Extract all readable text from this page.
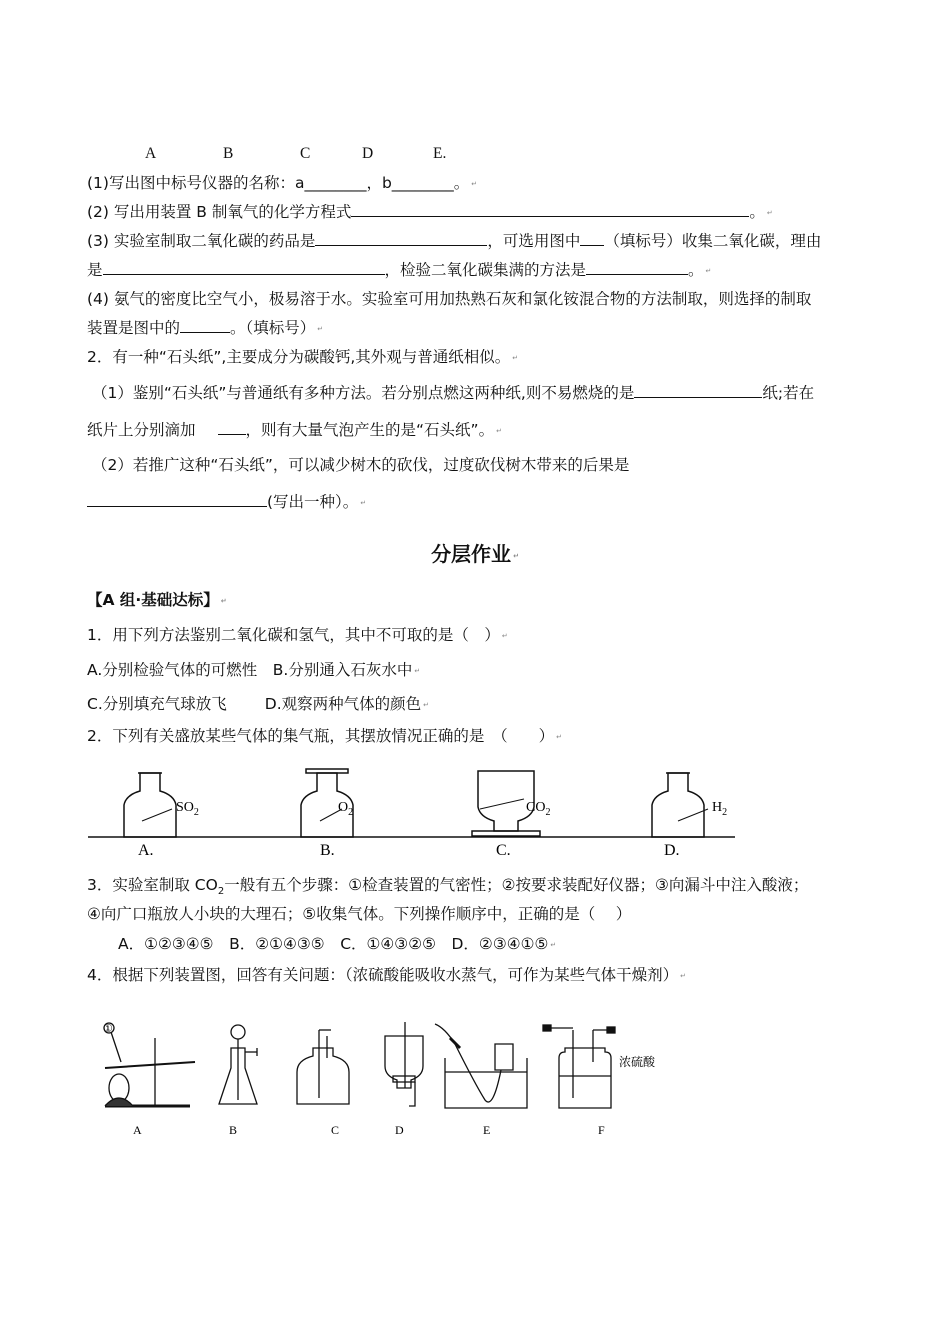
A	B	C	D	E.
(1)写出图中标号仪器的名称：a________，b________。 ↵
(2) 写出用装置 B 制氧气的化学方程式	。 ↵
(3) 实验室制取二氧化碳的药品是	，可选用图中 （填标号）收集二氧化碳，理由
是	，检验二氧化碳集满的方法是	。 ↵
(4) 氨气的密度比空气小，极易溶于水。实验室可用加热熟石灰和氯化铵混合物的方法制取，则选择的制取
装置是图中的	。（填标号） ↵
2．有一种“石头纸”,主要成分为碳酸钙,其外观与普通纸相似。 ↵
（1）鉴别“石头纸”与普通纸有多种方法。若分别点燃这两种纸,则不易燃烧的是	纸;若在
纸片上分别滴加	，则有大量气泡产生的是“石头纸”。 ↵
（2）若推广这种“石头纸”，可以减少树木的砍伐，过度砍伐树木带来的后果是
(写出一种）。 ↵
分层作业 ↵
【A 组·基础达标】 ↵
1．用下列方法鉴别二氧化碳和氢气，其中不可取的是（　） ↵
A.分别检验气体的可燃性　B.分别通入石灰水中 ↵
C.分别填充气球放飞 D.观察两种气体的颜色 ↵
2．下列有关盛放某些气体的集气瓶，其摆放情况正确的是　（　　） ↵
$SO_2$
A.
$O_2$
B.
$CO_2$
C.
$H_2$
D.
3．实验室制取 $CO_2$一般有五个步骤：①检查装置的气密性；②按要求装配好仪器；③向漏斗中注入酸液；
④向广口瓶放人小块的大理石；⑤收集气体。下列操作顺序中，正确的是（　 ）
A．①②③④⑤　B．②①④③⑤　C．①④③②⑤　D．②③④①⑤ ↵
4．根据下列装置图，回答有关问题：（浓硫酸能吸收水蒸气，可作为某些气体干燥剂） ↵
①
浓硫酸
A	B	C	D	E	F
